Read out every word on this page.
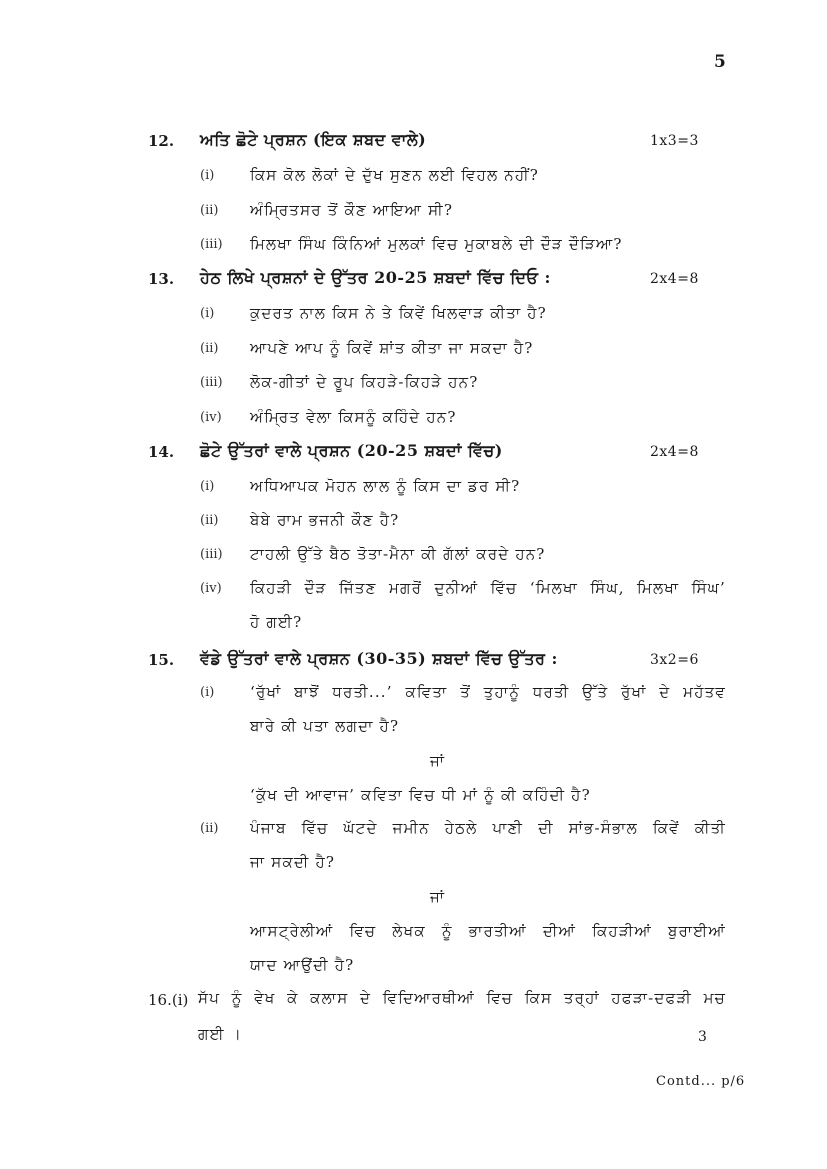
5
12. ਅਤਿ ਛੋਟੇ ਪ੍ਰਸ਼ਨ (ਇਕ ਸ਼ਬਦ ਵਾਲੇ)	1x3=3
(i) ਕਿਸ ਕੋਲ ਲੋਕਾਂ ਦੇ ਦੁੱਖ ਸੁਣਨ ਲਈ ਵਿਹਲ ਨਹੀਂ?
(ii) ਅੰਮ੍ਰਿਤਸਰ ਤੋਂ ਕੌਣ ਆਇਆ ਸੀ?
(iii) ਮਿਲਖਾ ਸਿੰਘ ਕਿੰਨਿਆਂ ਮੁਲਕਾਂ ਵਿਚ ਮੁਕਾਬਲੇ ਦੀ ਦੌੜ ਦੌੜਿਆ?
13. ਹੇਠ ਲਿਖੇ ਪ੍ਰਸ਼ਨਾਂ ਦੇ ਉੱਤਰ 20-25 ਸ਼ਬਦਾਂ ਵਿੱਚ ਦਿਓ :	2x4=8
(i) ਕੁਦਰਤ ਨਾਲ ਕਿਸ ਨੇ ਤੇ ਕਿਵੇਂ ਖਿਲਵਾੜ ਕੀਤਾ ਹੈ?
(ii) ਆਪਣੇ ਆਪ ਨੂੰ ਕਿਵੇਂ ਸ਼ਾਂਤ ਕੀਤਾ ਜਾ ਸਕਦਾ ਹੈ?
(iii) ਲੋਕ-ਗੀਤਾਂ ਦੇ ਰੂਪ ਕਿਹੜੇ-ਕਿਹੜੇ ਹਨ?
(iv) ਅੰਮ੍ਰਿਤ ਵੇਲਾ ਕਿਸਨੂੰ ਕਹਿੰਦੇ ਹਨ?
14. ਛੋਟੇ ਉੱਤਰਾਂ ਵਾਲੇ ਪ੍ਰਸ਼ਨ (20-25 ਸ਼ਬਦਾਂ ਵਿੱਚ)	2x4=8
(i) ਅਧਿਆਪਕ ਮੋਹਨ ਲਾਲ ਨੂੰ ਕਿਸ ਦਾ ਡਰ ਸੀ?
(ii) ਬੇਬੇ ਰਾਮ ਭਜਨੀ ਕੌਣ ਹੈ?
(iii) ਟਾਹਲੀ ਉੱਤੇ ਬੈਠ ਤੋਤਾ-ਮੈਨਾ ਕੀ ਗੱਲਾਂ ਕਰਦੇ ਹਨ?
(iv) ਕਿਹੜੀ ਦੌੜ ਜਿੱਤਣ ਮਗਰੋਂ ਦੁਨੀਆਂ ਵਿੱਚ ‘ਮਿਲਖਾ ਸਿੰਘ, ਮਿਲਖਾ ਸਿੰਘ’
ਹੋ ਗਈ?
15. ਵੱਡੇ ਉੱਤਰਾਂ ਵਾਲੇ ਪ੍ਰਸ਼ਨ (30-35) ਸ਼ਬਦਾਂ ਵਿੱਚ ਉੱਤਰ :	3x2=6
(i) ‘ਰੁੱਖਾਂ ਬਾਝੋਂ ਧਰਤੀ...’ ਕਵਿਤਾ ਤੋਂ ਤੁਹਾਨੂੰ ਧਰਤੀ ਉੱਤੇ ਰੁੱਖਾਂ ਦੇ ਮਹੱਤਵ
ਬਾਰੇ ਕੀ ਪਤਾ ਲਗਦਾ ਹੈ?
ਜਾਂ
‘ਕੁੱਖ ਦੀ ਆਵਾਜ’ ਕਵਿਤਾ ਵਿਚ ਧੀ ਮਾਂ ਨੂੰ ਕੀ ਕਹਿੰਦੀ ਹੈ?
(ii) ਪੰਜਾਬ ਵਿੱਚ ਘੱਟਦੇ ਜਮੀਨ ਹੇਠਲੇ ਪਾਣੀ ਦੀ ਸਾਂਭ-ਸੰਭਾਲ ਕਿਵੇਂ ਕੀਤੀ
ਜਾ ਸਕਦੀ ਹੈ?
ਜਾਂ
ਆਸਟ੍ਰੇਲੀਆਂ ਵਿਚ ਲੇਖਕ ਨੂੰ ਭਾਰਤੀਆਂ ਦੀਆਂ ਕਿਹੜੀਆਂ ਬੁਰਾਈਆਂ
ਯਾਦ ਆਉਂਦੀ ਹੈ?
16.(i) ਸੱਪ ਨੂੰ ਵੇਖ ਕੇ ਕਲਾਸ ਦੇ ਵਿਦਿਆਰਥੀਆਂ ਵਿਚ ਕਿਸ ਤਰ੍ਹਾਂ ਹਫੜਾ-ਦਫੜੀ ਮਚ
ਗਈ ।	3
Contd... p/6
